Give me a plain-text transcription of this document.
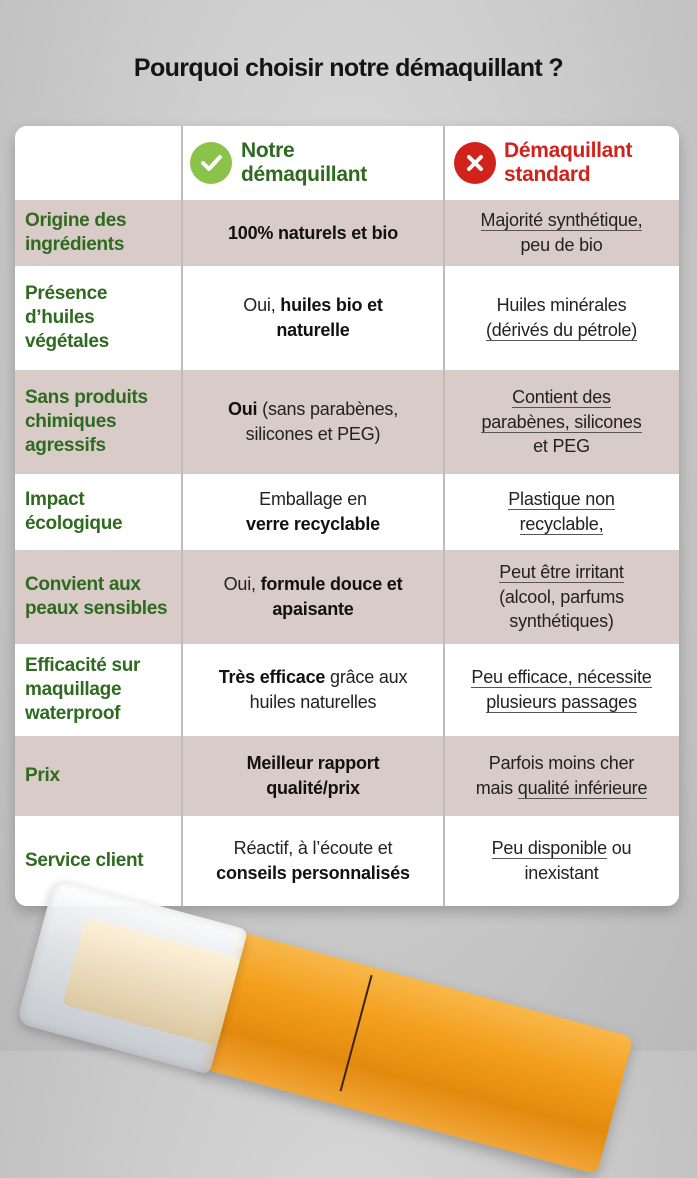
Pourquoi choisir notre démaquillant ?
Notre
démaquillant
Démaquillant
standard
Origine des ingrédients
100% naturels et bio
Majorité synthétique,
peu de bio
Présence d’huiles végétales
Oui, huiles bio et naturelle
Huiles minérales
(dérivés du pétrole)
Sans produits chimiques agressifs
Oui (sans parabènes, silicones et PEG)
Contient des
parabènes, silicones
et PEG
Impact écologique
Emballage en
verre recyclable
Plastique non
recyclable,
Convient aux peaux sensibles
Oui, formule douce et apaisante
Peut être irritant
(alcool, parfums synthétiques)
Efficacité sur maquillage waterproof
Très efficace grâce aux huiles naturelles
Peu efficace, nécessite
plusieurs passages
Prix
Meilleur rapport qualité/prix
Parfois moins cher
mais qualité inférieure
Service client
Réactif, à l’écoute et
conseils personnalisés
Peu disponible ou inexistant
